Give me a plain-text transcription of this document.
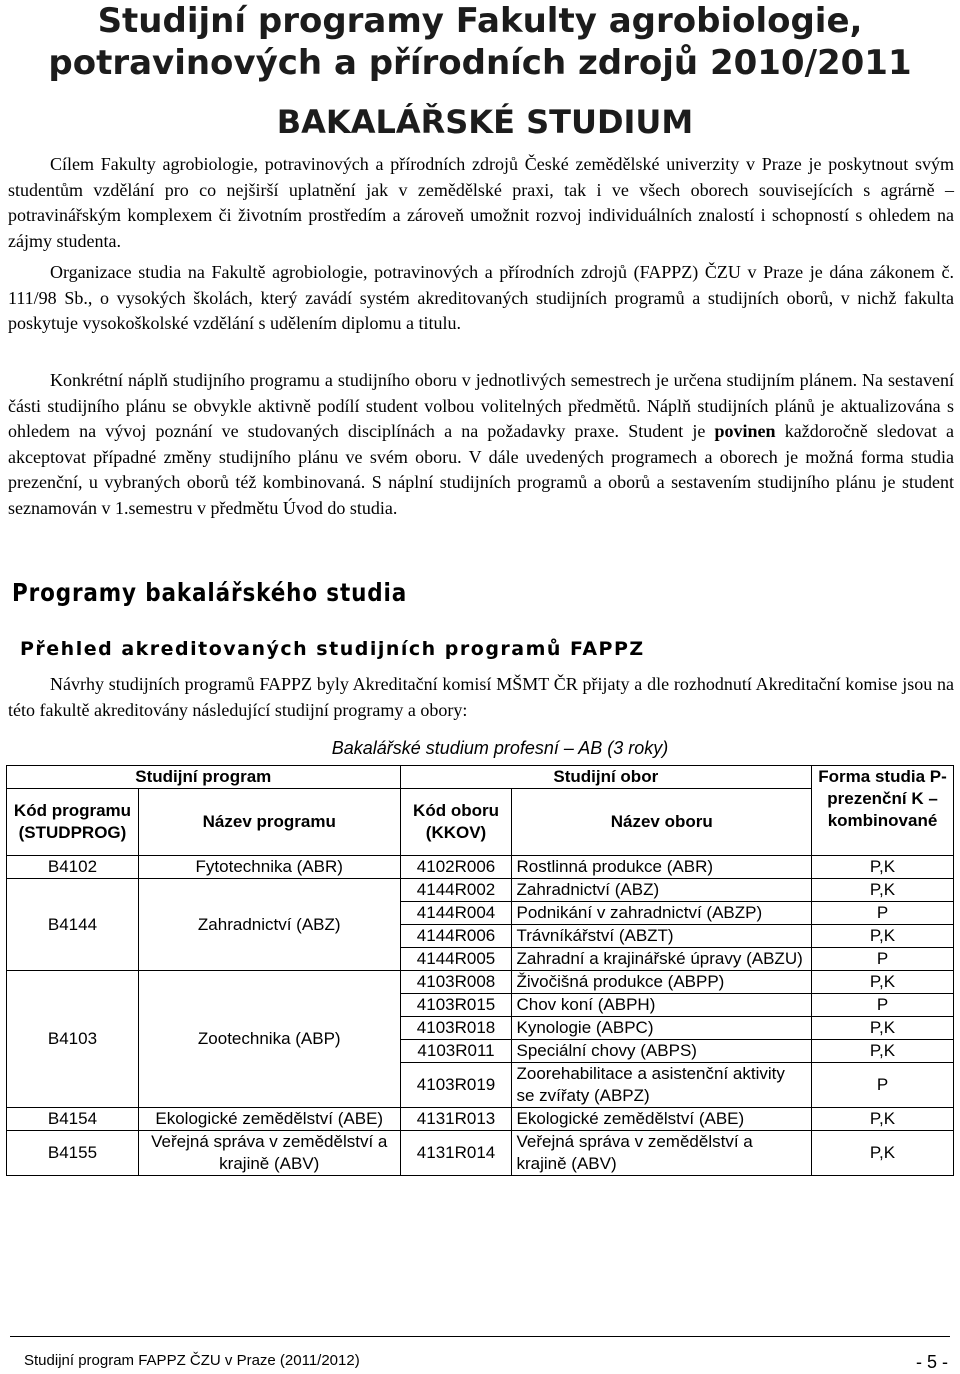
Studijní programy Fakulty agrobiologie,
potravinových a přírodních zdrojů 2010/2011
BAKALÁŘSKÉ STUDIUM

Cílem Fakulty agrobiologie, potravinových a přírodních zdrojů České zemědělské univerzity v Praze je poskytnout svým studentům vzdělání pro co nejširší uplatnění jak v zemědělské praxi, tak i ve všech oborech souvisejících s agrárně – potravinářským komplexem či životním prostředím a zároveň umožnit rozvoj individuálních znalostí i schopností s ohledem na zájmy studenta.

Organizace studia na Fakultě agrobiologie, potravinových a přírodních zdrojů (FAPPZ) ČZU v Praze je dána zákonem č. 111/98 Sb., o vysokých školách, který zavádí systém akreditovaných studijních programů a studijních oborů, v nichž fakulta poskytuje vysokoškolské vzdělání s udělením diplomu a titulu.

Konkrétní náplň studijního programu a studijního oboru v jednotlivých semestrech je určena studijním plánem. Na sestavení části studijního plánu se obvykle aktivně podílí student volbou volitelných předmětů. Náplň studijních plánů je aktualizována s ohledem na vývoj poznání ve studovaných disciplínách a na požadavky praxe. Student je povinen každoročně sledovat a akceptovat případné změny studijního plánu ve svém oboru. V dále uvedených programech a oborech je možná forma studia prezenční, u vybraných oborů též kombinovaná. S náplní studijních programů a oborů a sestavením studijního plánu je student seznamován v 1.semestru v předmětu Úvod do studia.

Programy bakalářského studia
Přehled akreditovaných studijních programů FAPPZ

Návrhy studijních programů FAPPZ byly Akreditační komisí MŠMT ČR přijaty a dle rozhodnutí Akreditační komise jsou na této fakultě akreditovány následující studijní programy a obory:

Bakalářské studium profesní – AB (3 roky)
Studijní program		Studijní obor		Forma studia P- prezenční K – kombinované
Kód programu (STUDPROG)	Název programu	Kód oboru (KKOV)	Název oboru	
B4102	Fytotechnika (ABR)	4102R006	Rostlinná produkce (ABR)	P,K
B4144	Zahradnictví (ABZ)	4144R002	Zahradnictví (ABZ)	P,K
		4144R004	Podnikání v zahradnictví (ABZP)	P
		4144R006	Trávníkářství (ABZT)	P,K
		4144R005	Zahradní a krajinářské úpravy (ABZU)	P
B4103	Zootechnika (ABP)	4103R008	Živočišná produkce (ABPP)	P,K
		4103R015	Chov koní (ABPH)	P
		4103R018	Kynologie (ABPC)	P,K
		4103R011	Speciální chovy (ABPS)	P,K
		4103R019	Zoorehabilitace a asistenční aktivity se zvířaty (ABPZ)	P
B4154	Ekologické zemědělství (ABE)	4131R013	Ekologické zemědělství (ABE)	P,K
B4155	Veřejná správa v zemědělství a krajině (ABV)	4131R014	Veřejná správa v zemědělství a krajině (ABV)	P,K
Studijní program FAPPZ ČZU v Praze (2011/2012)	- 5 -
